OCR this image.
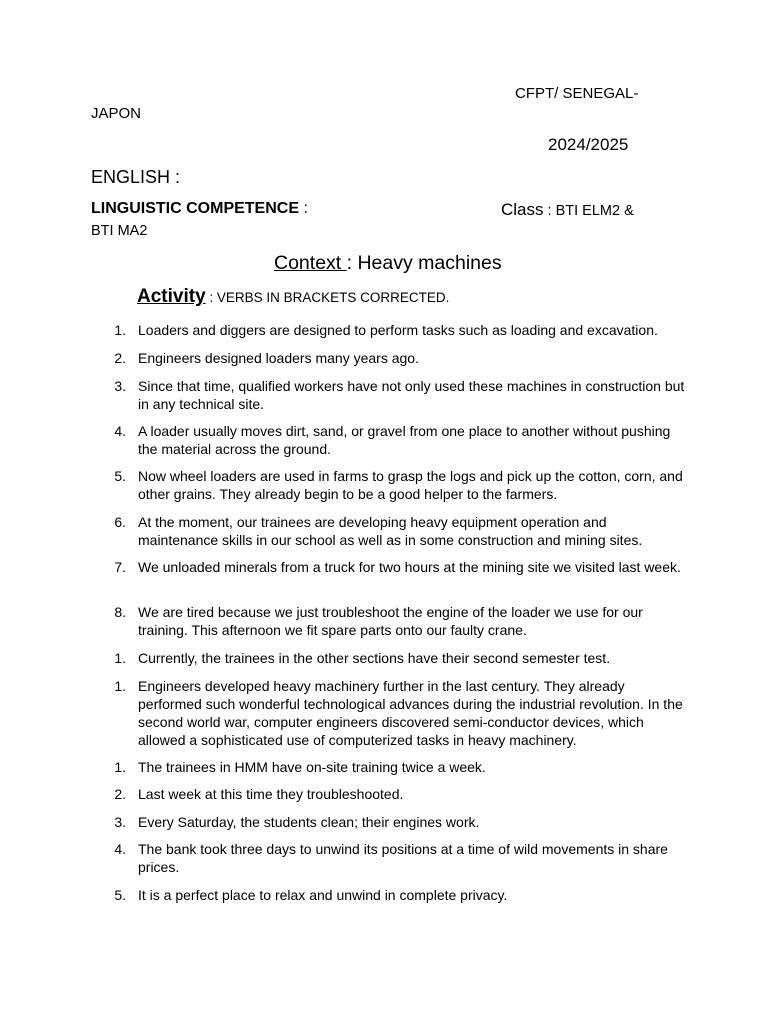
CFPT/ SENEGAL-
JAPON
2024/2025
ENGLISH :
LINGUISTIC COMPETENCE :	Class : BTI ELM2 &
BTI MA2
Context : Heavy machines
Activity : VERBS IN BRACKETS CORRECTED.
1. Loaders and diggers are designed to perform tasks such as loading and excavation.
2. Engineers designed loaders many years ago.
3. Since that time, qualified workers have not only used these machines in construction but in any technical site.
4. A loader usually moves dirt, sand, or gravel from one place to another without pushing the material across the ground.
5. Now wheel loaders are used in farms to grasp the logs and pick up the cotton, corn, and other grains. They already begin to be a good helper to the farmers.
6. At the moment, our trainees are developing heavy equipment operation and maintenance skills in our school as well as in some construction and mining sites.
7. We unloaded minerals from a truck for two hours at the mining site we visited last week.
8. We are tired because we just troubleshoot the engine of the loader we use for our training. This afternoon we fit spare parts onto our faulty crane.
1. Currently, the trainees in the other sections have their second semester test.
1. Engineers developed heavy machinery further in the last century. They already performed such wonderful technological advances during the industrial revolution. In the second world war, computer engineers discovered semi-conductor devices, which allowed a sophisticated use of computerized tasks in heavy machinery.
1. The trainees in HMM have on-site training twice a week.
2. Last week at this time they troubleshooted.
3. Every Saturday, the students clean; their engines work.
4. The bank took three days to unwind its positions at a time of wild movements in share prices.
5. It is a perfect place to relax and unwind in complete privacy.
